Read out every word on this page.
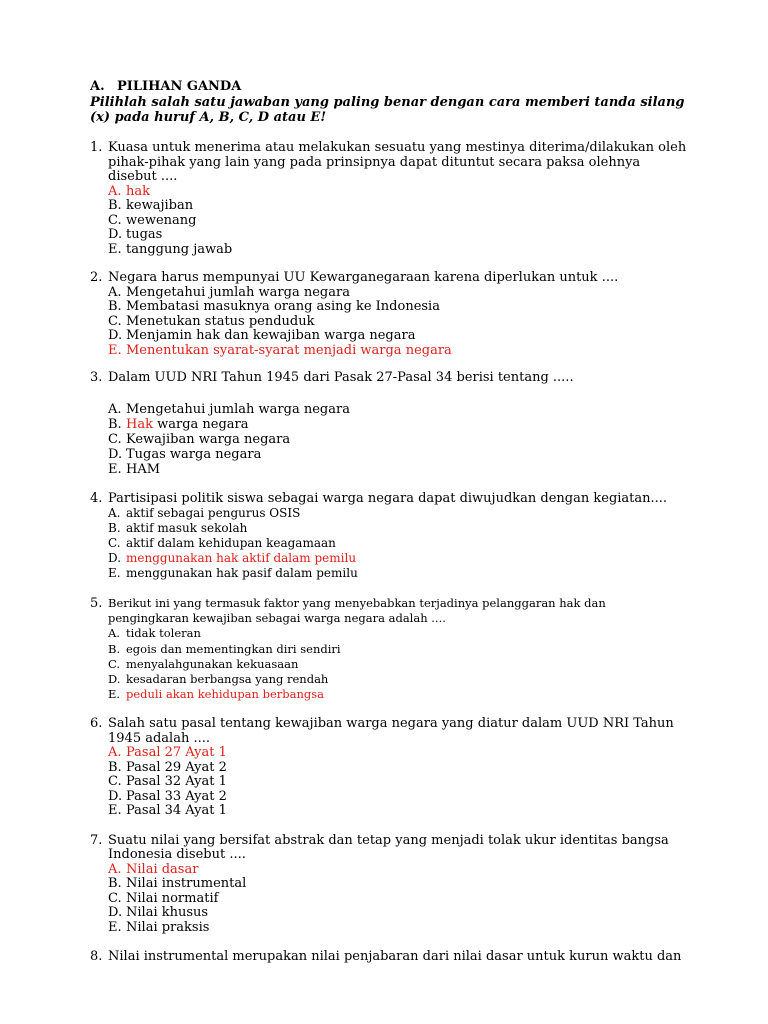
A. PILIHAN GANDA

Pilihlah salah satu jawaban yang paling benar dengan cara memberi tanda silang (x) pada huruf A, B, C, D atau E!

1. Kuasa untuk menerima atau melakukan sesuatu yang mestinya diterima/dilakukan oleh pihak-pihak yang lain yang pada prinsipnya dapat dituntut secara paksa olehnya disebut ....

A. hak

B. kewajiban

C. wewenang

D. tugas

E. tanggung jawab

2. Negara harus mempunyai UU Kewarganegaraan karena diperlukan untuk ....

A. Mengetahui jumlah warga negara

B. Membatasi masuknya orang asing ke Indonesia

C. Menetukan status penduduk

D. Menjamin hak dan kewajiban warga negara

E. Menentukan syarat-syarat menjadi warga negara

3. Dalam UUD NRI Tahun 1945 dari Pasak 27-Pasal 34 berisi tentang .....

A. Mengetahui jumlah warga negara

B. Hak warga negara

C. Kewajiban warga negara

D. Tugas warga negara

E. HAM

4. Partisipasi politik siswa sebagai warga negara dapat diwujudkan dengan kegiatan....

A. aktif sebagai pengurus OSIS

B. aktif masuk sekolah

C. aktif dalam kehidupan keagamaan

D. menggunakan hak aktif dalam pemilu

E. menggunakan hak pasif dalam pemilu

5. Berikut ini yang termasuk faktor yang menyebabkan terjadinya pelanggaran hak dan pengingkaran kewajiban sebagai warga negara adalah ....

A. tidak toleran

B. egois dan mementingkan diri sendiri

C. menyalahgunakan kekuasaan

D. kesadaran berbangsa yang rendah

E. peduli akan kehidupan berbangsa

6. Salah satu pasal tentang kewajiban warga negara yang diatur dalam UUD NRI Tahun 1945 adalah ....

A. Pasal 27 Ayat 1

B. Pasal 29 Ayat 2

C. Pasal 32 Ayat 1

D. Pasal 33 Ayat 2

E. Pasal 34 Ayat 1

7. Suatu nilai yang bersifat abstrak dan tetap yang menjadi tolak ukur identitas bangsa Indonesia disebut ....

A. Nilai dasar

B. Nilai instrumental

C. Nilai normatif

D. Nilai khusus

E. Nilai praksis

8. Nilai instrumental merupakan nilai penjabaran dari nilai dasar untuk kurun waktu dan
